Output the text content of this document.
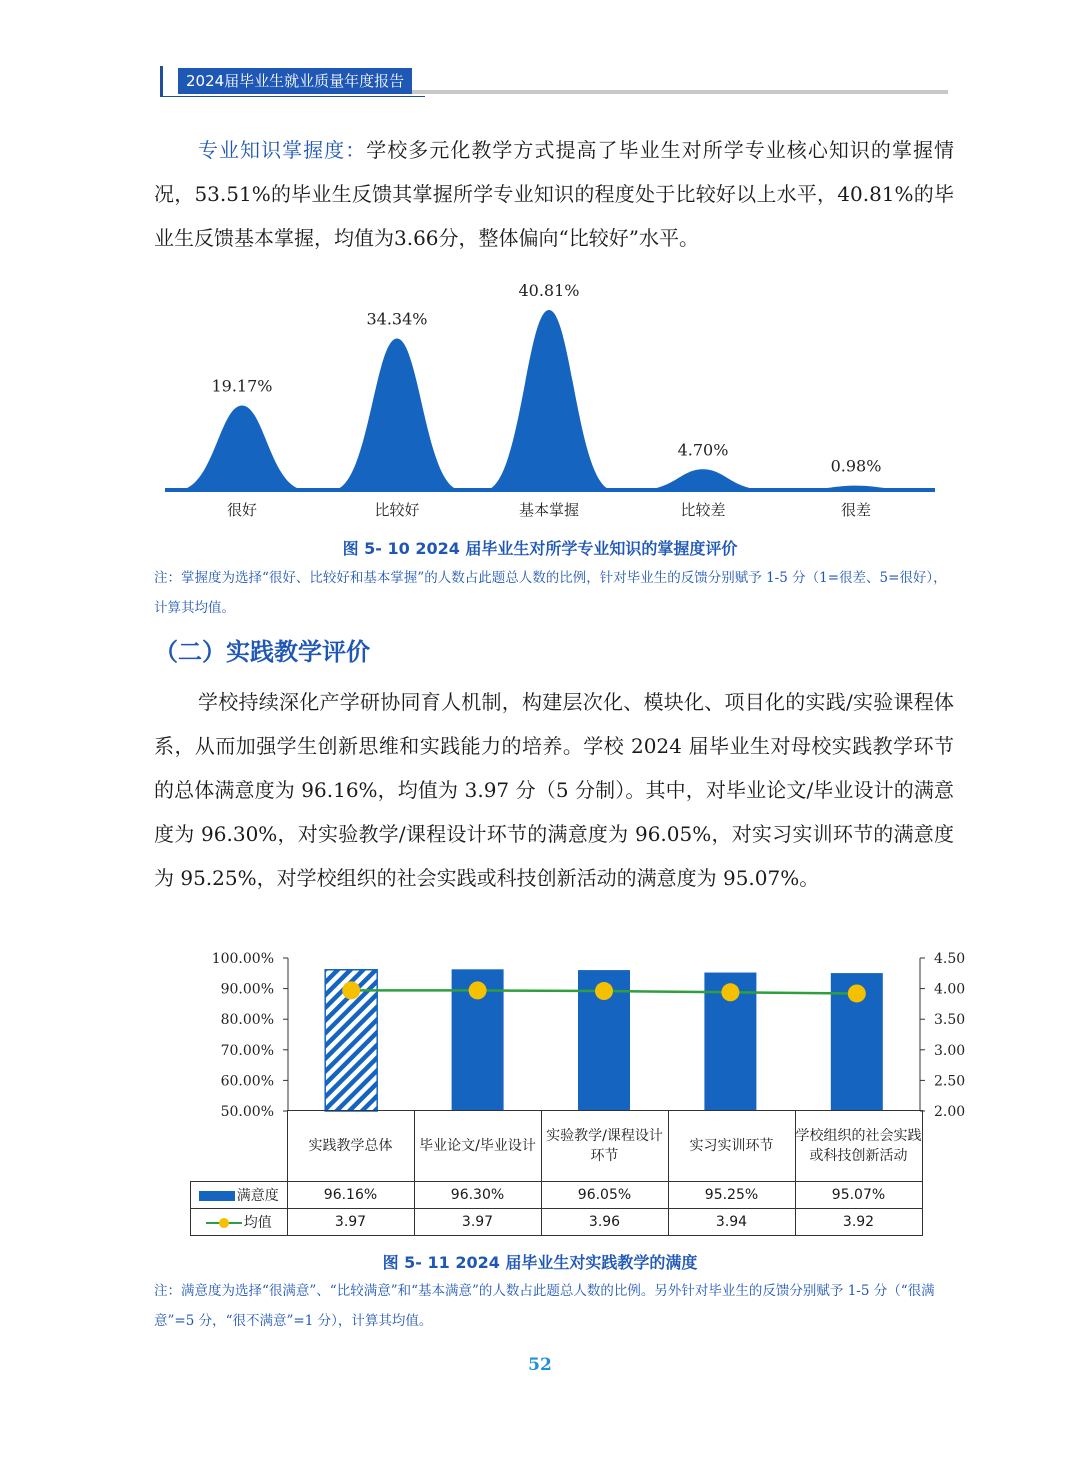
2024届毕业生就业质量年度报告

专业知识掌握度：学校多元化教学方式提高了毕业生对所学专业核心知识的掌握情况，53.51%的毕业生反馈其掌握所学专业知识的程度处于比较好以上水平，40.81%的毕业生反馈基本掌握，均值为3.66分，整体偏向“比较好”水平。

19.17%
34.34%
40.81%
4.70%
0.98%
很好	比较好	基本掌握	比较差	很差
图 5- 10 2024 届毕业生对所学专业知识的掌握度评价

注：掌握度为选择“很好、比较好和基本掌握”的人数占此题总人数的比例，针对毕业生的反馈分别赋予 1-5 分（1=很差、5=很好），计算其均值。

（二）实践教学评价

学校持续深化产学研协同育人机制，构建层次化、模块化、项目化的实践/实验课程体系，从而加强学生创新思维和实践能力的培养。学校 2024 届毕业生对母校实践教学环节的总体满意度为 96.16%，均值为 3.97 分（5 分制）。其中，对毕业论文/毕业设计的满意度为 96.30%，对实验教学/课程设计环节的满意度为 96.05%，对实习实训环节的满意度为 95.25%，对学校组织的社会实践或科技创新活动的满意度为 95.07%。

100.00%
90.00%
80.00%
70.00%
60.00%
50.00%
4.50
4.00
3.50
3.00
2.50
2.00
	实践教学总体	毕业论文/毕业设计	实验教学/课程设计环节	实习实训环节	学校组织的社会实践或科技创新活动
满意度	96.16%	96.30%	96.05%	95.25%	95.07%
均值	3.97	3.97	3.96	3.94	3.92
图 5- 11 2024 届毕业生对实践教学的满度

注：满意度为选择“很满意”、“比较满意”和“基本满意”的人数占此题总人数的比例。另外针对毕业生的反馈分别赋予 1-5 分（“很满意”=5 分，“很不满意”=1 分），计算其均值。

52
